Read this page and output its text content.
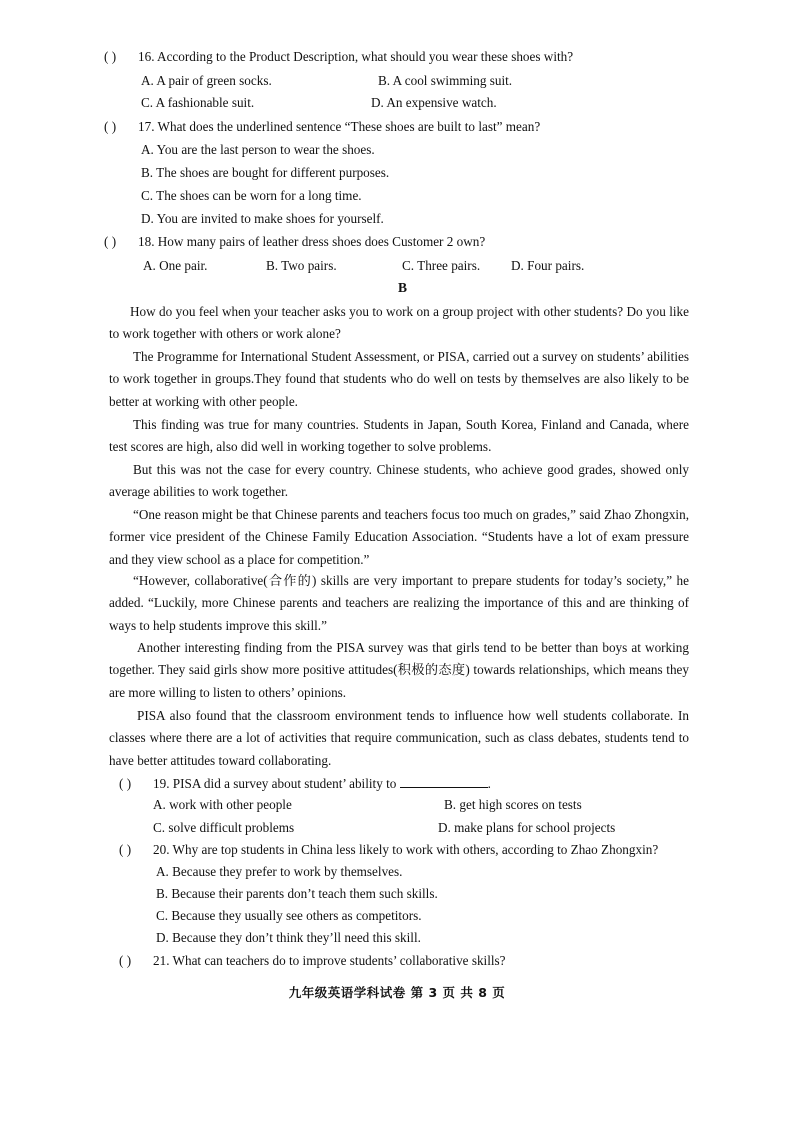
( ) 16. According to the Product Description, what should you wear these shoes with?
A. A pair of green socks.	B. A cool swimming suit.
C. A fashionable suit.	D. An expensive watch.
( ) 17. What does the underlined sentence “These shoes are built to last” mean?
A. You are the last person to wear the shoes.
B. The shoes are bought for different purposes.
C. The shoes can be worn for a long time.
D. You are invited to make shoes for yourself.
( ) 18. How many pairs of leather dress shoes does Customer 2 own?
A. One pair.	B. Two pairs.	C. Three pairs. D. Four pairs.
B
How do you feel when your teacher asks you to work on a group project with other students? Do you like to work together with others or work alone?
The Programme for International Student Assessment, or PISA, carried out a survey on students’ abilities to work together in groups.They found that students who do well on tests by themselves are also likely to be better at working with other people.
This finding was true for many countries. Students in Japan, South Korea, Finland and Canada, where test scores are high, also did well in working together to solve problems.
But this was not the case for every country. Chinese students, who achieve good grades, showed only average abilities to work together.
“One reason might be that Chinese parents and teachers focus too much on grades,” said Zhao Zhongxin, former vice president of the Chinese Family Education Association. “Students have a lot of exam pressure and they view school as a place for competition.”
“However, collaborative(合作的) skills are very important to prepare students for today’s society,” he added. “Luckily, more Chinese parents and teachers are realizing the importance of this and are thinking of ways to help students improve this skill.”
Another interesting finding from the PISA survey was that girls tend to be better than boys at working together. They said girls show more positive attitudes(积极的态度) towards relationships, which means they are more willing to listen to others’ opinions.
PISA also found that the classroom environment tends to influence how well students collaborate. In classes where there are a lot of activities that require communication, such as class debates, students tend to have better attitudes toward collaborating.
( ) 19. PISA did a survey about student’ ability to	.
A. work with other people	B. get high scores on tests
C. solve difficult problems	D. make plans for school projects
( ) 20. Why are top students in China less likely to work with others, according to Zhao Zhongxin?
A. Because they prefer to work by themselves.
B. Because their parents don’t teach them such skills.
C. Because they usually see others as competitors.
D. Because they don’t think they’ll need this skill.
( ) 21. What can teachers do to improve students’ collaborative skills?
九年级英语学科试卷 第 3 页 共 8 页
